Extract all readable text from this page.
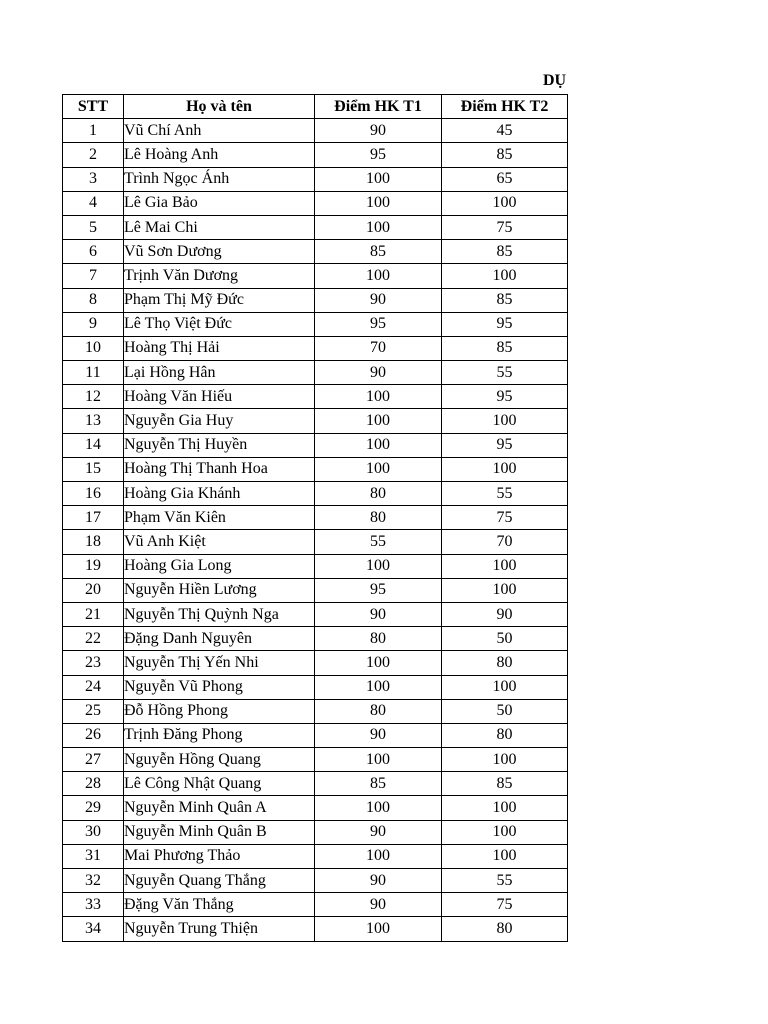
DỤ
STT	Họ và tên	Điểm HK T1	Điểm HK T2
1	Vũ Chí Anh	90	45
2	Lê Hoàng Anh	95	85
3	Trình Ngọc Ánh	100	65
4	Lê Gia Bảo	100	100
5	Lê Mai Chi	100	75
6	Vũ Sơn Dương	85	85
7	Trịnh Văn Dương	100	100
8	Phạm Thị Mỹ Đức	90	85
9	Lê Thọ Việt Đức	95	95
10	Hoàng Thị Hải	70	85
11	Lại Hồng Hân	90	55
12	Hoàng Văn Hiếu	100	95
13	Nguyễn Gia Huy	100	100
14	Nguyễn Thị Huyền	100	95
15	Hoàng Thị Thanh Hoa	100	100
16	Hoàng Gia Khánh	80	55
17	Phạm Văn Kiên	80	75
18	Vũ Anh Kiệt	55	70
19	Hoàng Gia Long	100	100
20	Nguyễn Hiền Lương	95	100
21	Nguyễn Thị Quỳnh Nga	90	90
22	Đặng Danh Nguyên	80	50
23	Nguyễn Thị Yến Nhi	100	80
24	Nguyễn Vũ Phong	100	100
25	Đỗ Hồng Phong	80	50
26	Trịnh Đăng Phong	90	80
27	Nguyễn Hồng Quang	100	100
28	Lê Công Nhật Quang	85	85
29	Nguyễn Minh Quân A	100	100
30	Nguyễn Minh Quân B	90	100
31	Mai Phương Thảo	100	100
32	Nguyễn Quang Thắng	90	55
33	Đặng Văn Thắng	90	75
34	Nguyễn Trung Thiện	100	80
